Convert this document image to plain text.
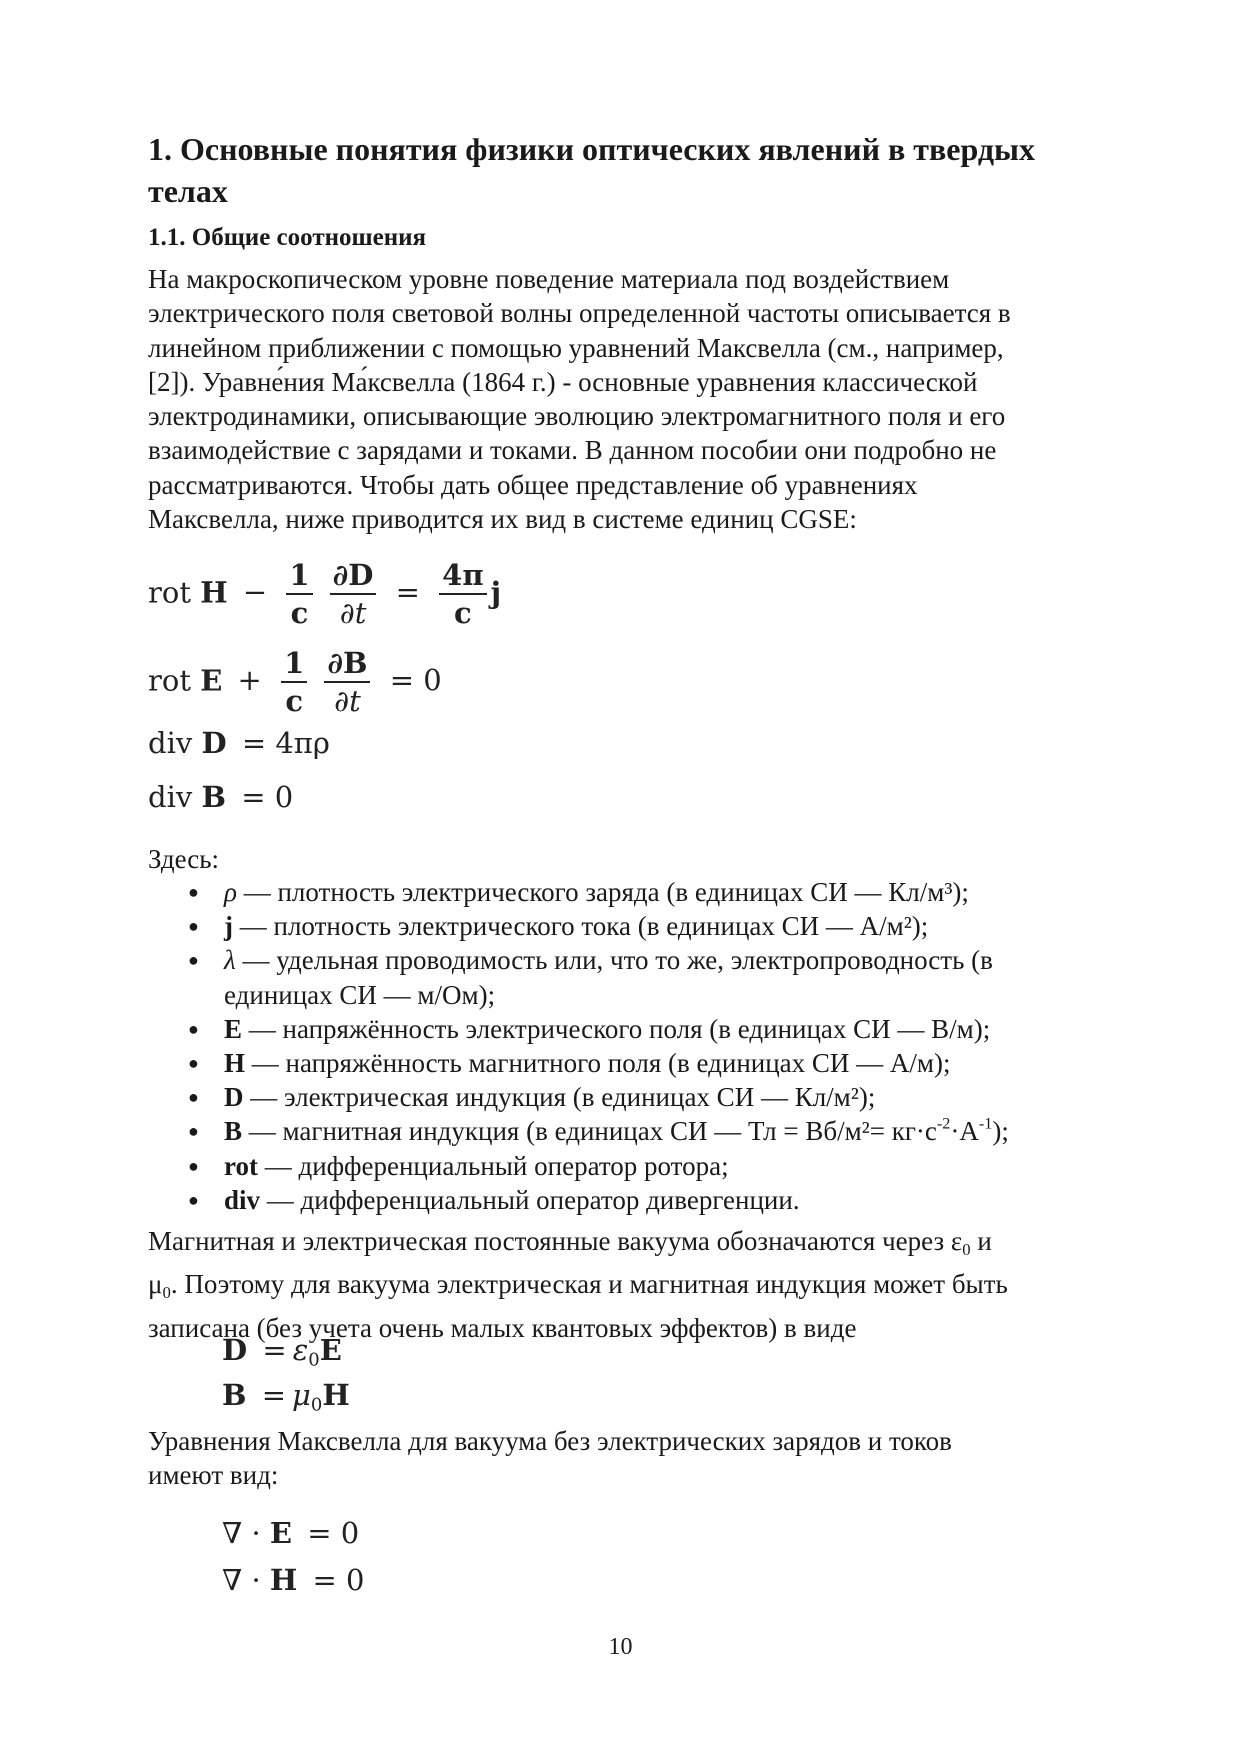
1. Основные понятия физики оптических явлений в твердых телах
1.1. Общие соотношения

На макроскопическом уровне поведение материала под воздействием
электрического поля световой волны определенной частоты описывается в
линейном приближении с помощью уравнений Максвелла (см., например,
[2]). Уравне́ния Ма́ксвелла (1864 г.) - основные уравнения классической
электродинамики, описывающие эволюцию электромагнитного поля и его
взаимодействие с зарядами и токами. В данном пособии они подробно не
рассматриваются. Чтобы дать общее представление об уравнениях
Максвелла, ниже приводится их вид в системе единиц CGSE:

rot $H - \frac{1}{c}$
$\frac{\partial D}{\partial t} = \frac{4\pi}{c}$ j
rot $E + \frac{1}{c}$
$\frac{\partial B}{\partial t} = 0$
div D = 4πρ
div B = 0

Здесь:

● ρ — плотность электрического заряда (в единицах СИ — Кл/м³);
● j — плотность электрического тока (в единицах СИ — А/м²);
● λ — удельная проводимость или, что то же, электропроводность (в единицах СИ — м/Ом);
● E — напряжённость электрического поля (в единицах СИ — В/м);
● H — напряжённость магнитного поля (в единицах СИ — А/м);
● D — электрическая индукция (в единицах СИ — Кл/м²);
● B — магнитная индукция (в единицах СИ — Тл = $Вб/м^2= кг\cdot с^{-2}\cdot А^{-1}$);
● rot — дифференциальный оператор ротора;
● div — дифференциальный оператор дивергенции.

Магнитная и электрическая постоянные вакуума обозначаются через $\varepsilon_0$ и
$\mu_0$. Поэтому для вакуума электрическая и магнитная индукция может быть
записана (без учета очень малых квантовых эффектов) в виде

$D = \varepsilon_0E$
$B = \mu_0H$

Уравнения Максвелла для вакуума без электрических зарядов и токов
имеют вид:

∇ · E = 0
∇ · H = 0
10
